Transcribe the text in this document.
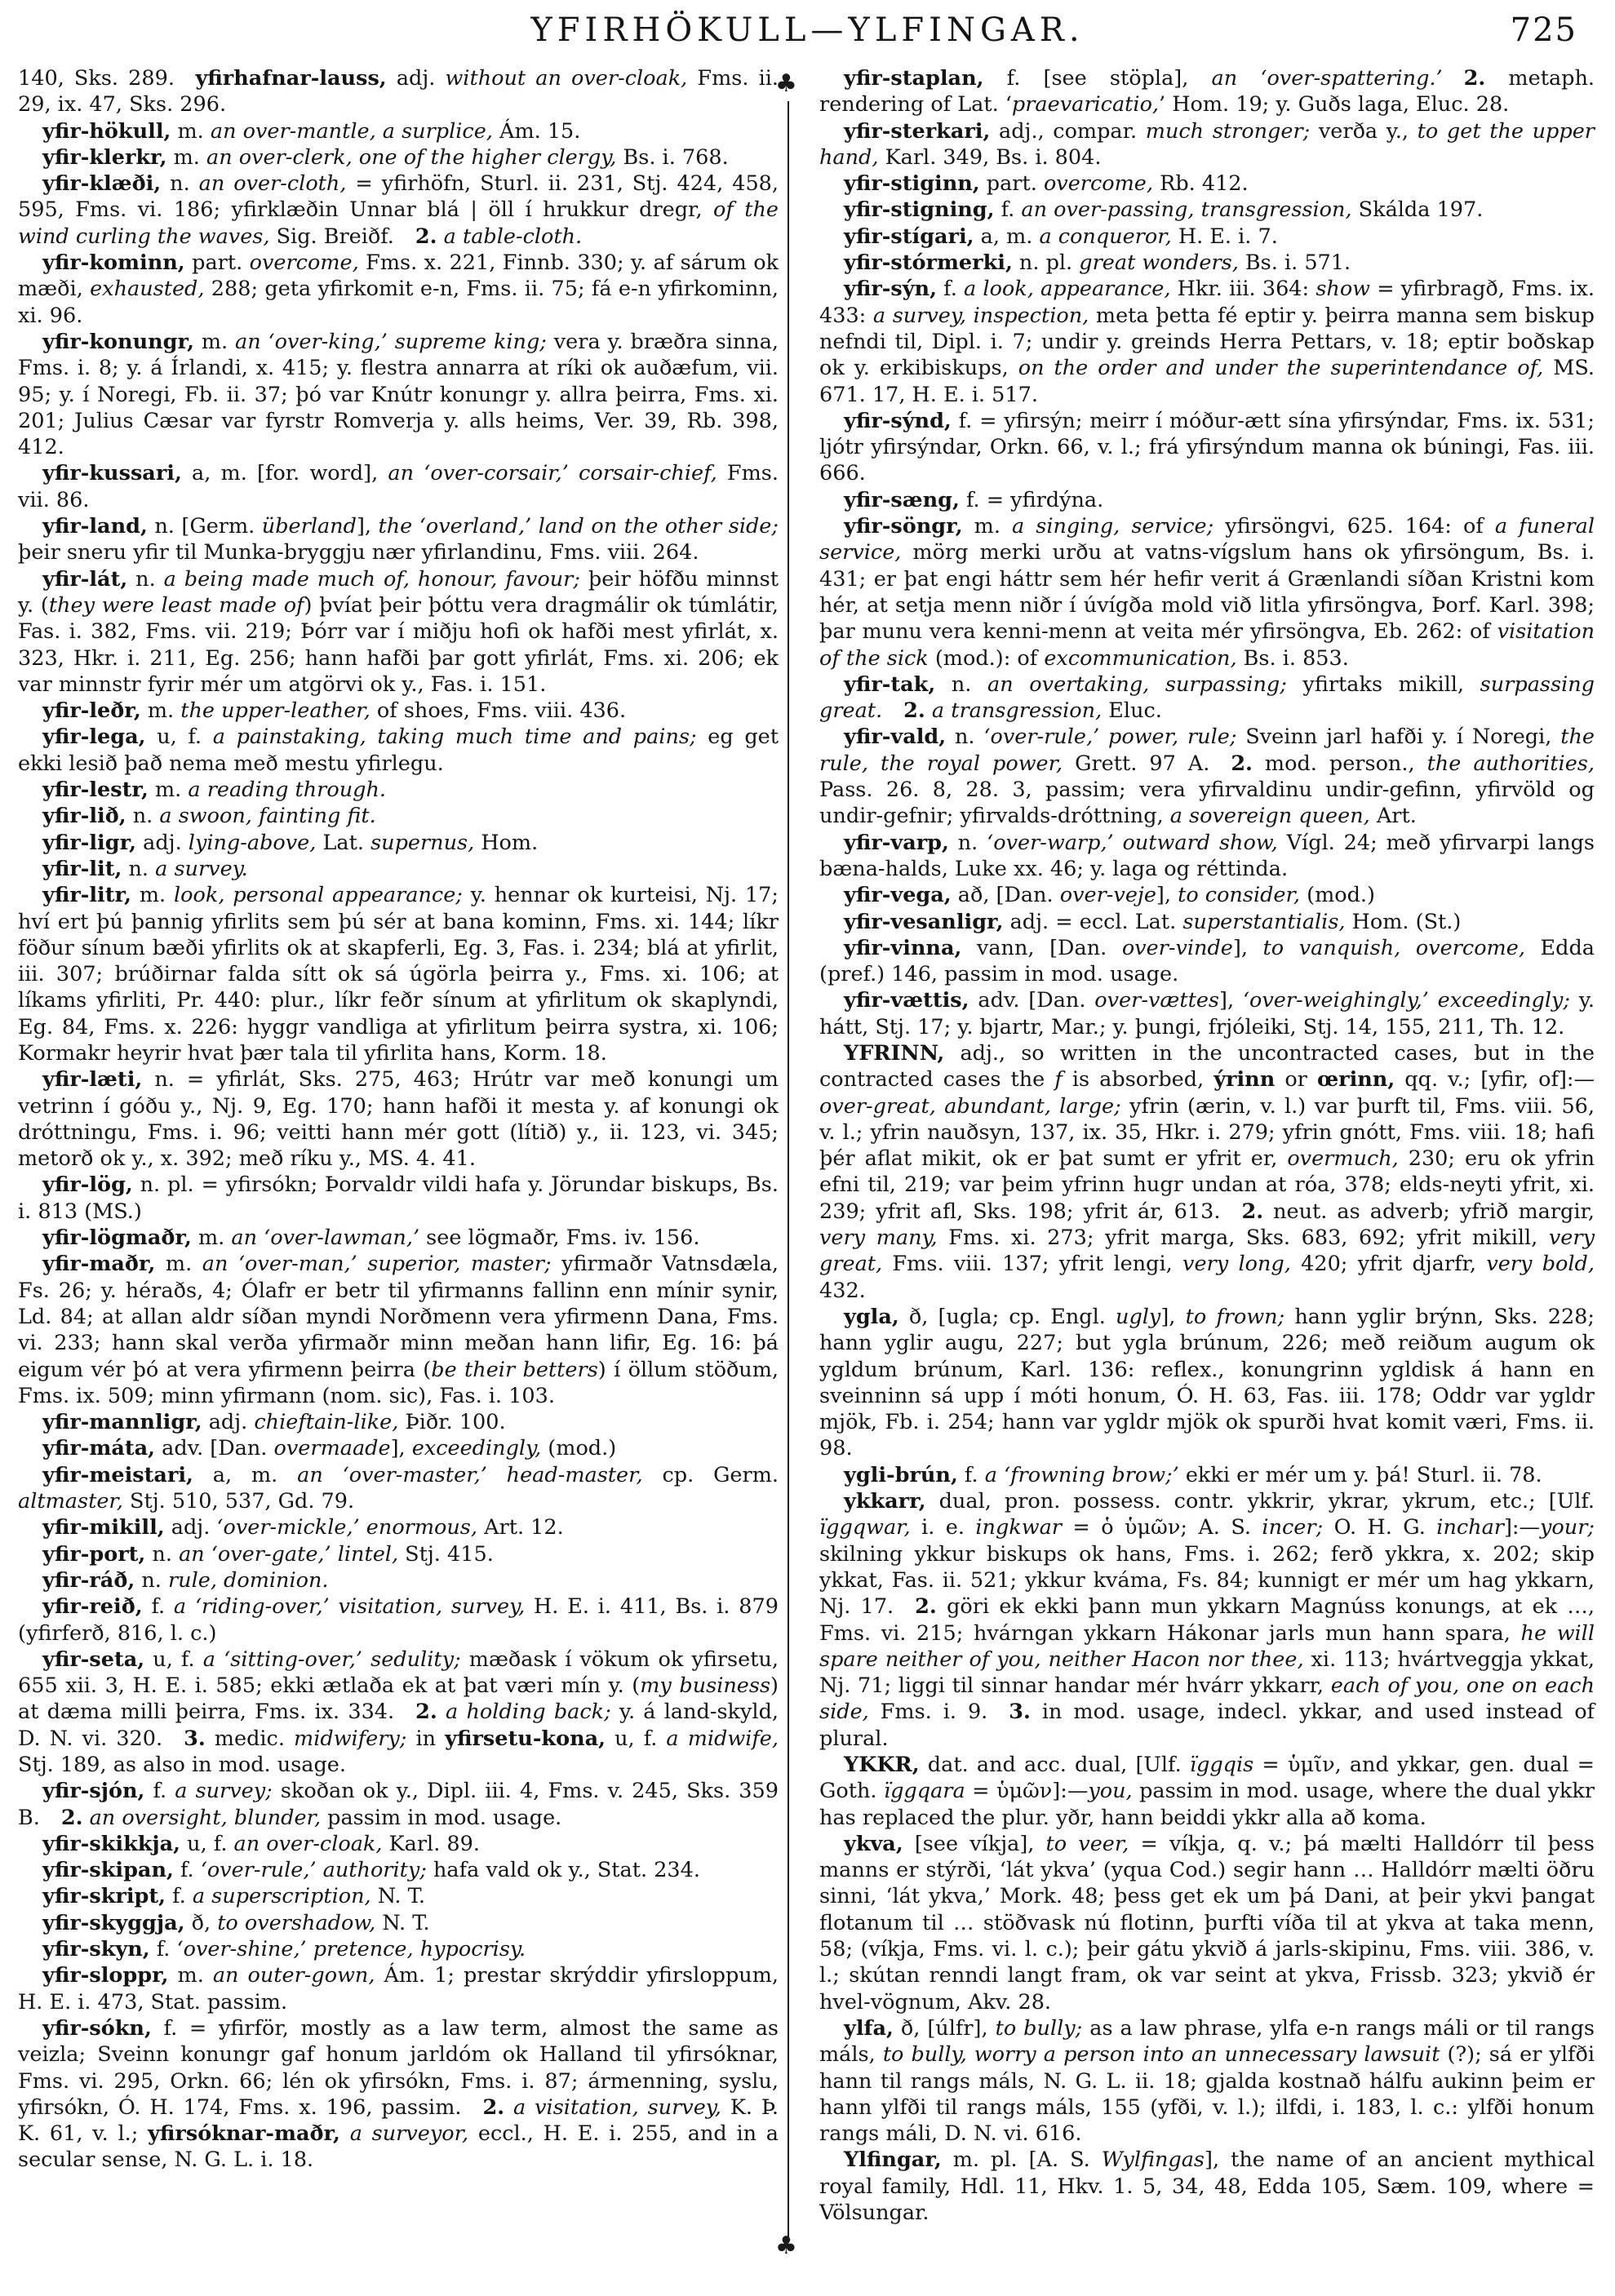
YFIRHÖKULL—YLFINGAR.	725
♣
♣

140, Sks. 289. yfirhafnar-lauss, adj. without an over-cloak, Fms. ii. 29, ix. 47, Sks. 296.

yfir-hökull, m. an over-mantle, a surplice, Ám. 15.

yfir-klerkr, m. an over-clerk, one of the higher clergy, Bs. i. 768.

yfir-klæði, n. an over-cloth, = yfirhöfn, Sturl. ii. 231, Stj. 424, 458, 595, Fms. vi. 186; yfirklæðin Unnar blá | öll í hrukkur dregr, of the wind curling the waves, Sig. Breiðf. 2. a table-cloth.

yfir-kominn, part. overcome, Fms. x. 221, Finnb. 330; y. af sárum ok mæði, exhausted, 288; geta yfirkomit e-n, Fms. ii. 75; fá e-n yfirkominn, xi. 96.

yfir-konungr, m. an ‘over-king,’ supreme king; vera y. bræðra sinna, Fms. i. 8; y. á Írlandi, x. 415; y. flestra annarra at ríki ok auðæfum, vii. 95; y. í Noregi, Fb. ii. 37; þó var Knútr konungr y. allra þeirra, Fms. xi. 201; Julius Cæsar var fyrstr Romverja y. alls heims, Ver. 39, Rb. 398, 412.

yfir-kussari, a, m. [for. word], an ‘over-corsair,’ corsair-chief, Fms. vii. 86.

yfir-land, n. [Germ. überland], the ‘overland,’ land on the other side; þeir sneru yfir til Munka-bryggju nær yfirlandinu, Fms. viii. 264.

yfir-lát, n. a being made much of, honour, favour; þeir höfðu minnst y. (they were least made of) þvíat þeir þóttu vera dragmálir ok túmlátir, Fas. i. 382, Fms. vii. 219; Þórr var í miðju hofi ok hafði mest yfirlát, x. 323, Hkr. i. 211, Eg. 256; hann hafði þar gott yfirlát, Fms. xi. 206; ek var minnstr fyrir mér um atgörvi ok y., Fas. i. 151.

yfir-leðr, m. the upper-leather, of shoes, Fms. viii. 436.

yfir-lega, u, f. a painstaking, taking much time and pains; eg get ekki lesið það nema með mestu yfirlegu.

yfir-lestr, m. a reading through.

yfir-lið, n. a swoon, fainting fit.

yfir-ligr, adj. lying-above, Lat. supernus, Hom.

yfir-lit, n. a survey.

yfir-litr, m. look, personal appearance; y. hennar ok kurteisi, Nj. 17; hví ert þú þannig yfirlits sem þú sér at bana kominn, Fms. xi. 144; líkr föður sínum bæði yfirlits ok at skapferli, Eg. 3, Fas. i. 234; blá at yfirlit, iii. 307; brúðirnar falda sítt ok sá úgörla þeirra y., Fms. xi. 106; at líkams yfirliti, Pr. 440: plur., líkr feðr sínum at yfirlitum ok skaplyndi, Eg. 84, Fms. x. 226: hyggr vandliga at yfirlitum þeirra systra, xi. 106; Kormakr heyrir hvat þær tala til yfirlita hans, Korm. 18.

yfir-læti, n. = yfirlát, Sks. 275, 463; Hrútr var með konungi um vetrinn í góðu y., Nj. 9, Eg. 170; hann hafði it mesta y. af konungi ok dróttningu, Fms. i. 96; veitti hann mér gott (lítið) y., ii. 123, vi. 345; metorð ok y., x. 392; með ríku y., MS. 4. 41.

yfir-lög, n. pl. = yfirsókn; Þorvaldr vildi hafa y. Jörundar biskups, Bs. i. 813 (MS.)

yfir-lögmaðr, m. an ‘over-lawman,’ see lögmaðr, Fms. iv. 156.

yfir-maðr, m. an ‘over-man,’ superior, master; yfirmaðr Vatnsdæla, Fs. 26; y. héraðs, 4; Ólafr er betr til yfirmanns fallinn enn mínir synir, Ld. 84; at allan aldr síðan myndi Norðmenn vera yfirmenn Dana, Fms. vi. 233; hann skal verða yfirmaðr minn meðan hann lifir, Eg. 16: þá eigum vér þó at vera yfirmenn þeirra (be their betters) í öllum stöðum, Fms. ix. 509; minn yfirmann (nom. sic), Fas. i. 103.

yfir-mannligr, adj. chieftain-like, Þiðr. 100.

yfir-máta, adv. [Dan. overmaade], exceedingly, (mod.)

yfir-meistari, a, m. an ‘over-master,’ head-master, cp. Germ. altmaster, Stj. 510, 537, Gd. 79.

yfir-mikill, adj. ‘over-mickle,’ enormous, Art. 12.

yfir-port, n. an ‘over-gate,’ lintel, Stj. 415.

yfir-ráð, n. rule, dominion.

yfir-reið, f. a ‘riding-over,’ visitation, survey, H. E. i. 411, Bs. i. 879 (yfirferð, 816, l. c.)

yfir-seta, u, f. a ‘sitting-over,’ sedulity; mæðask í vökum ok yfirsetu, 655 xii. 3, H. E. i. 585; ekki ætlaða ek at þat væri mín y. (my business) at dæma milli þeirra, Fms. ix. 334. 2. a holding back; y. á land-skyld, D. N. vi. 320. 3. medic. midwifery; in yfirsetu-kona, u, f. a midwife, Stj. 189, as also in mod. usage.

yfir-sjón, f. a survey; skoðan ok y., Dipl. iii. 4, Fms. v. 245, Sks. 359 B. 2. an oversight, blunder, passim in mod. usage.

yfir-skikkja, u, f. an over-cloak, Karl. 89.

yfir-skipan, f. ‘over-rule,’ authority; hafa vald ok y., Stat. 234.

yfir-skript, f. a superscription, N. T.

yfir-skyggja, ð, to overshadow, N. T.

yfir-skyn, f. ‘over-shine,’ pretence, hypocrisy.

yfir-sloppr, m. an outer-gown, Ám. 1; prestar skrýddir yfirsloppum, H. E. i. 473, Stat. passim.

yfir-sókn, f. = yfirför, mostly as a law term, almost the same as veizla; Sveinn konungr gaf honum jarldóm ok Halland til yfirsóknar, Fms. vi. 295, Orkn. 66; lén ok yfirsókn, Fms. i. 87; ármenning, syslu, yfirsókn, Ó. H. 174, Fms. x. 196, passim. 2. a visitation, survey, K. Þ. K. 61, v. l.; yfirsóknar-maðr, a surveyor, eccl., H. E. i. 255, and in a secular sense, N. G. L. i. 18.

yfir-staplan, f. [see stöpla], an ‘over-spattering.’ 2. metaph. rendering of Lat. ‘praevaricatio,’ Hom. 19; y. Guðs laga, Eluc. 28.

yfir-sterkari, adj., compar. much stronger; verða y., to get the upper hand, Karl. 349, Bs. i. 804.

yfir-stiginn, part. overcome, Rb. 412.

yfir-stigning, f. an over-passing, transgression, Skálda 197.

yfir-stígari, a, m. a conqueror, H. E. i. 7.

yfir-stórmerki, n. pl. great wonders, Bs. i. 571.

yfir-sýn, f. a look, appearance, Hkr. iii. 364: show = yfirbragð, Fms. ix. 433: a survey, inspection, meta þetta fé eptir y. þeirra manna sem biskup nefndi til, Dipl. i. 7; undir y. greinds Herra Pettars, v. 18; eptir boðskap ok y. erkibiskups, on the order and under the superintendance of, MS. 671. 17, H. E. i. 517.

yfir-sýnd, f. = yfirsýn; meirr í móður-ætt sína yfirsýndar, Fms. ix. 531; ljótr yfirsýndar, Orkn. 66, v. l.; frá yfirsýndum manna ok búningi, Fas. iii. 666.

yfir-sæng, f. = yfirdýna.

yfir-söngr, m. a singing, service; yfirsöngvi, 625. 164: of a funeral service, mörg merki urðu at vatns-vígslum hans ok yfirsöngum, Bs. i. 431; er þat engi háttr sem hér hefir verit á Grænlandi síðan Kristni kom hér, at setja menn niðr í úvígða mold við litla yfirsöngva, Þorf. Karl. 398; þar munu vera kenni-menn at veita mér yfirsöngva, Eb. 262: of visitation of the sick (mod.): of excommunication, Bs. i. 853.

yfir-tak, n. an overtaking, surpassing; yfirtaks mikill, surpassing great. 2. a transgression, Eluc.

yfir-vald, n. ‘over-rule,’ power, rule; Sveinn jarl hafði y. í Noregi, the rule, the royal power, Grett. 97 A. 2. mod. person., the authorities, Pass. 26. 8, 28. 3, passim; vera yfirvaldinu undir-gefinn, yfirvöld og undir-gefnir; yfirvalds-dróttning, a sovereign queen, Art.

yfir-varp, n. ‘over-warp,’ outward show, Vígl. 24; með yfirvarpi langs bæna-halds, Luke xx. 46; y. laga og réttinda.

yfir-vega, að, [Dan. over-veje], to consider, (mod.)

yfir-vesanligr, adj. = eccl. Lat. superstantialis, Hom. (St.)

yfir-vinna, vann, [Dan. over-vinde], to vanquish, overcome, Edda (pref.) 146, passim in mod. usage.

yfir-vættis, adv. [Dan. over-vættes], ‘over-weighingly,’ exceedingly; y. hátt, Stj. 17; y. bjartr, Mar.; y. þungi, frjóleiki, Stj. 14, 155, 211, Th. 12.

YFRINN, adj., so written in the uncontracted cases, but in the contracted cases the f is absorbed, ýrinn or œrinn, qq. v.; [yfir, of]:—over-great, abundant, large; yfrin (ærin, v. l.) var þurft til, Fms. viii. 56, v. l.; yfrin nauðsyn, 137, ix. 35, Hkr. i. 279; yfrin gnótt, Fms. viii. 18; hafi þér aflat mikit, ok er þat sumt er yfrit er, overmuch, 230; eru ok yfrin efni til, 219; var þeim yfrinn hugr undan at róa, 378; elds-neyti yfrit, xi. 239; yfrit afl, Sks. 198; yfrit ár, 613. 2. neut. as adverb; yfrið margir, very many, Fms. xi. 273; yfrit marga, Sks. 683, 692; yfrit mikill, very great, Fms. viii. 137; yfrit lengi, very long, 420; yfrit djarfr, very bold, 432.

ygla, ð, [ugla; cp. Engl. ugly], to frown; hann yglir brýnn, Sks. 228; hann yglir augu, 227; but ygla brúnum, 226; með reiðum augum ok ygldum brúnum, Karl. 136: reflex., konungrinn ygldisk á hann en sveinninn sá upp í móti honum, Ó. H. 63, Fas. iii. 178; Oddr var ygldr mjök, Fb. i. 254; hann var ygldr mjök ok spurði hvat komit væri, Fms. ii. 98.

ygli-brún, f. a ‘frowning brow;’ ekki er mér um y. þá! Sturl. ii. 78.

ykkarr, dual, pron. possess. contr. ykkrir, ykrar, ykrum, etc.; [Ulf. ïggqwar, i. e. ingkwar = ὁ ὑμῶν; A. S. incer; O. H. G. inchar]:—your; skilning ykkur biskups ok hans, Fms. i. 262; ferð ykkra, x. 202; skip ykkat, Fas. ii. 521; ykkur kváma, Fs. 84; kunnigt er mér um hag ykkarn, Nj. 17. 2. göri ek ekki þann mun ykkarn Magnúss konungs, at ek …, Fms. vi. 215; hvárngan ykkarn Hákonar jarls mun hann spara, he will spare neither of you, neither Hacon nor thee, xi. 113; hvártveggja ykkat, Nj. 71; liggi til sinnar handar mér hvárr ykkarr, each of you, one on each side, Fms. i. 9. 3. in mod. usage, indecl. ykkar, and used instead of plural.

YKKR, dat. and acc. dual, [Ulf. ïggqis = ὑμῖν, and ykkar, gen. dual = Goth. ïggqara = ὑμῶν]:—you, passim in mod. usage, where the dual ykkr has replaced the plur. yðr, hann beiddi ykkr alla að koma.

ykva, [see víkja], to veer, = víkja, q. v.; þá mælti Halldórr til þess manns er stýrði, ‘lát ykva’ (yqua Cod.) segir hann … Halldórr mælti öðru sinni, ‘lát ykva,’ Mork. 48; þess get ek um þá Dani, at þeir ykvi þangat flotanum til … stöðvask nú flotinn, þurfti víða til at ykva at taka menn, 58; (víkja, Fms. vi. l. c.); þeir gátu ykvið á jarls-skipinu, Fms. viii. 386, v. l.; skútan renndi langt fram, ok var seint at ykva, Frissb. 323; ykvið ér hvel-vögnum, Akv. 28.

ylfa, ð, [úlfr], to bully; as a law phrase, ylfa e-n rangs máli or til rangs máls, to bully, worry a person into an unnecessary lawsuit (?); sá er ylfði hann til rangs máls, N. G. L. ii. 18; gjalda kostnað hálfu aukinn þeim er hann ylfði til rangs máls, 155 (yfði, v. l.); ilfdi, i. 183, l. c.: ylfði honum rangs máli, D. N. vi. 616.

Ylfingar, m. pl. [A. S. Wylfingas], the name of an ancient mythical royal family, Hdl. 11, Hkv. 1. 5, 34, 48, Edda 105, Sæm. 109, where = Völsungar.
